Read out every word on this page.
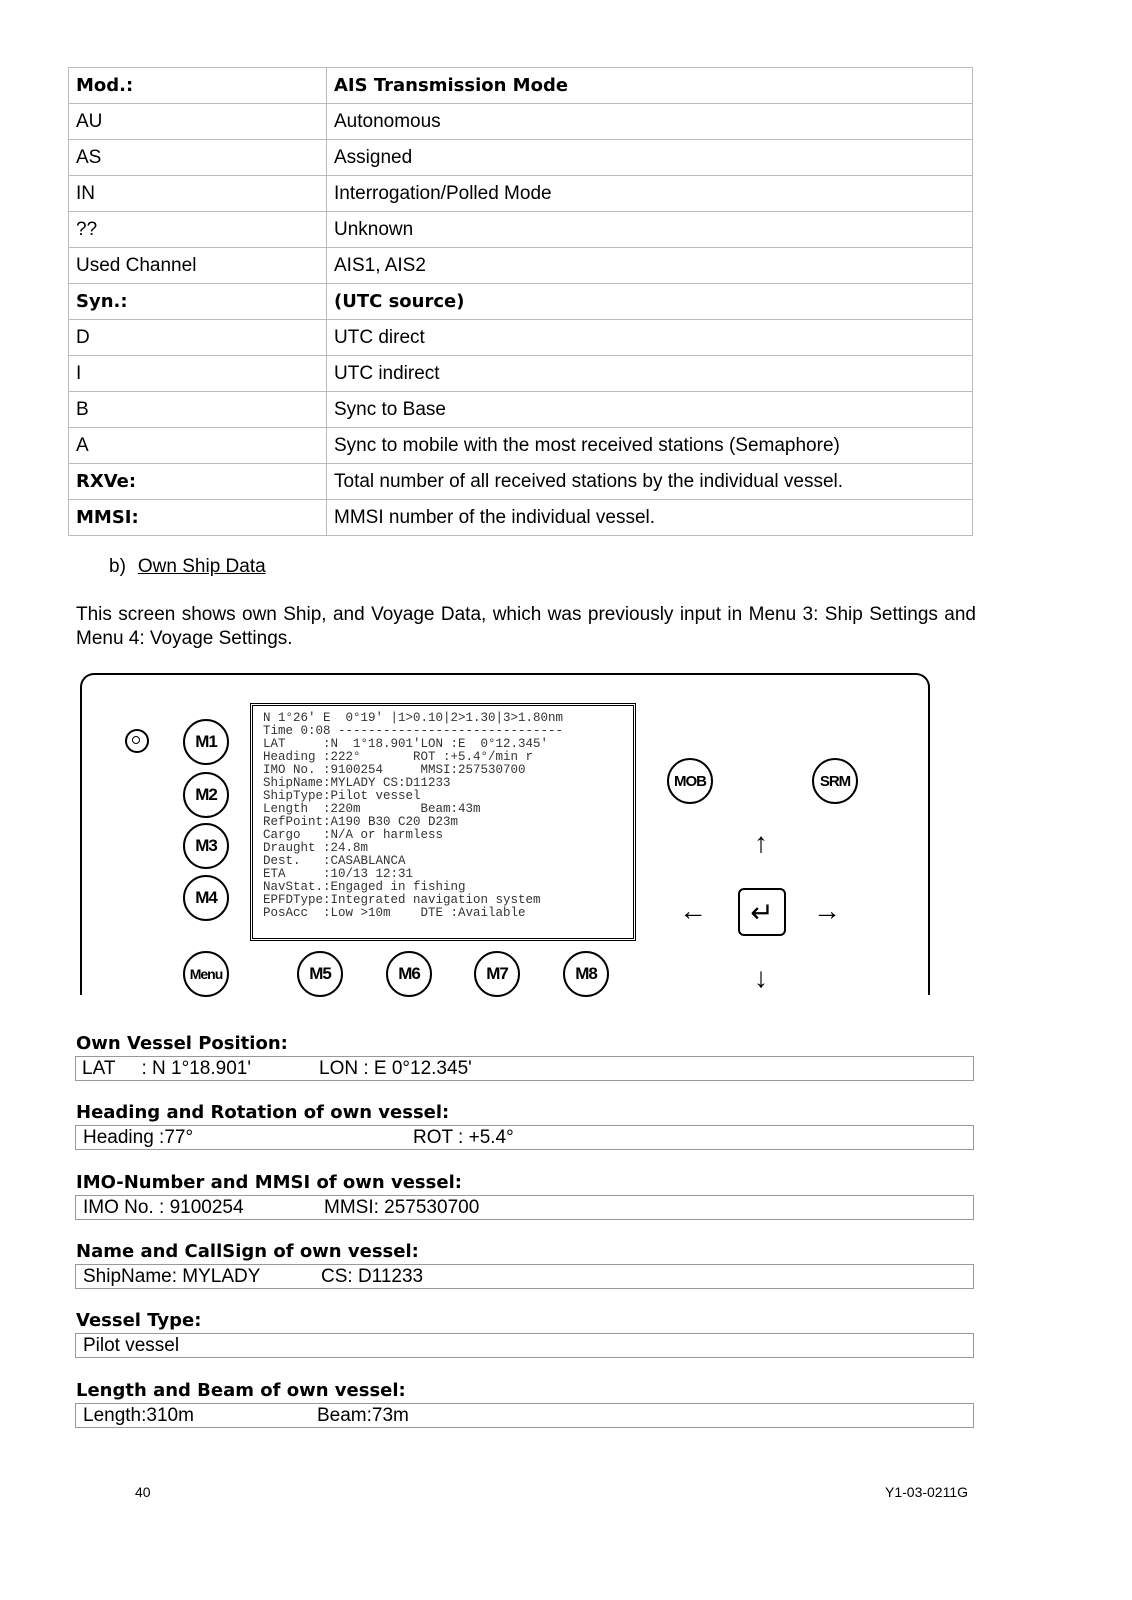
Mod.:	AIS Transmission Mode
AU	Autonomous
AS	Assigned
IN	Interrogation/Polled Mode
??	Unknown
Used Channel	AIS1, AIS2
Syn.:	(UTC source)
D	UTC direct
I	UTC indirect
B	Sync to Base
A	Sync to mobile with the most received stations (Semaphore)
RXVe:	Total number of all received stations by the individual vessel.
MMSI:	MMSI number of the individual vessel.
b) Own Ship Data
This screen shows own Ship, and Voyage Data, which was previously input in Menu 3: Ship Settings and Menu 4: Voyage Settings.
N 1°26' E  0°19' |1>0.10|2>1.30|3>1.80nm
Time 0:08 ------------------------------
LAT     :N  1°18.901'LON :E  0°12.345'
Heading :222°       ROT :+5.4°/min r
IMO No. :9100254     MMSI:257530700
ShipName:MYLADY CS:D11233
ShipType:Pilot vessel
Length  :220m        Beam:43m
RefPoint:A190 B30 C20 D23m
Cargo   :N/A or harmless
Draught :24.8m
Dest.   :CASABLANCA
ETA     :10/13 12:31
NavStat.:Engaged in fishing
EPFDType:Integrated navigation system
PosAcc  :Low >10m    DTE :Available
M1
M2
M3
M4
Menu	M5	M6	M7	M8
MOB	SRM
↑
←	↵	→
↓
Own Vessel Position:
LAT     : N 1°18.901'	LON : E 0°12.345'
Heading and Rotation of own vessel:
Heading :77°	ROT : +5.4°
IMO-Number and MMSI of own vessel:
IMO No. : 9100254	MMSI: 257530700
Name and CallSign of own vessel:
ShipName: MYLADY	CS: D11233
Vessel Type:
Pilot vessel
Length and Beam of own vessel:
Length:310m	Beam:73m
40	Y1-03-0211G
